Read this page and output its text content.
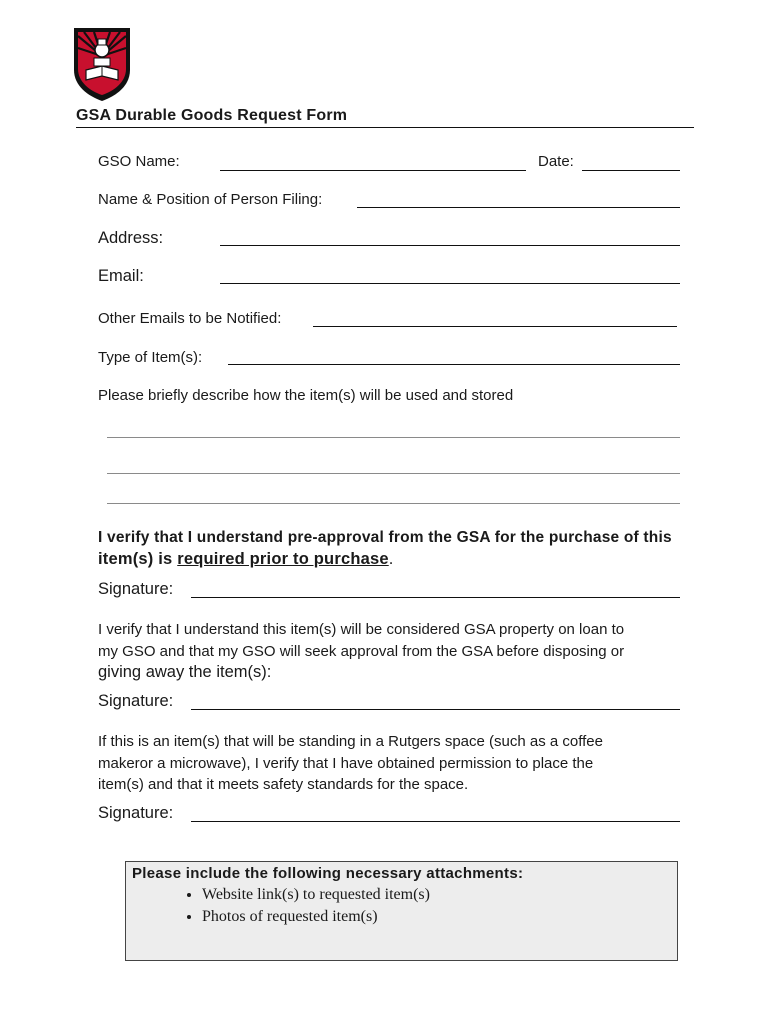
GSA Durable Goods Request Form
GSO Name:	Date:
Name & Position of Person Filing:
Address:
Email:
Other Emails to be Notified:
Type of Item(s):
Please briefly describe how the item(s) will be used and stored
I verify that I understand pre-approval from the GSA for the purchase of this
item(s) is required prior to purchase.
Signature:
I verify that I understand this item(s) will be considered GSA property on loan to
my GSO and that my GSO will seek approval from the GSA before disposing or
giving away the item(s):
Signature:
If this is an item(s) that will be standing in a Rutgers space (such as a coffee
makeror a microwave), I verify that I have obtained permission to place the
item(s) and that it meets safety standards for the space.
Signature:
Please include the following necessary attachments:
• Website link(s) to requested item(s)
• Photos of requested item(s)
